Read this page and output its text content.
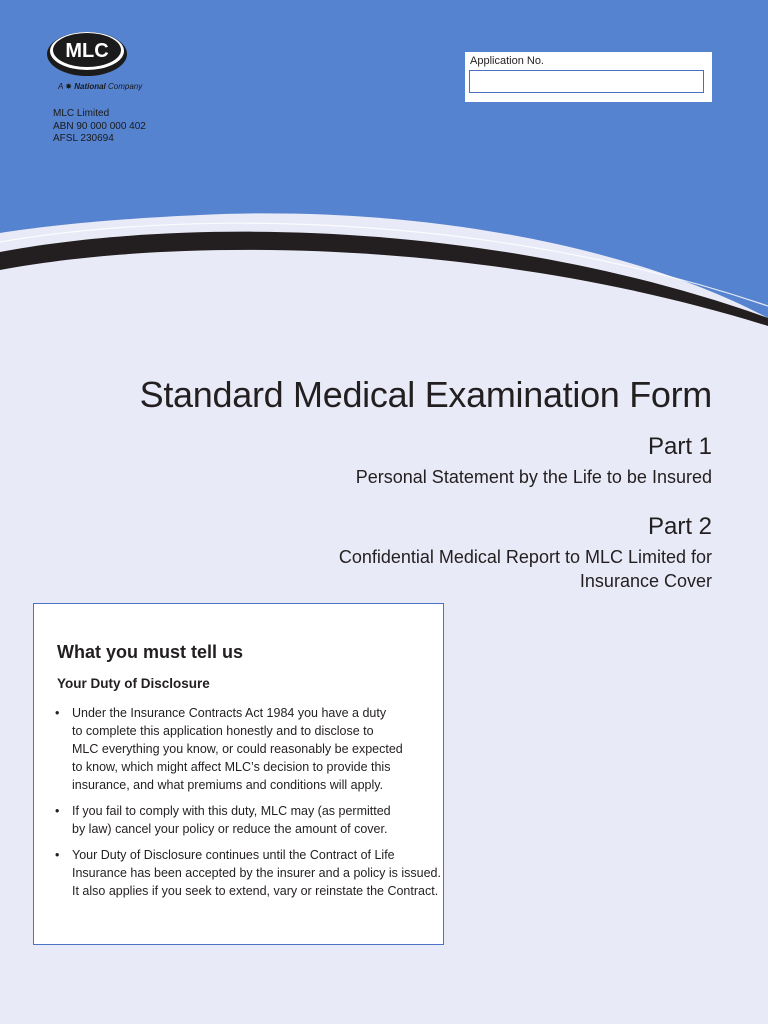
MLC
A ✸ National Company
MLC Limited
ABN 90 000 000 402
AFSL 230694
Application No.
Standard Medical Examination Form
Part 1
Personal Statement by the Life to be Insured
Part 2
Confidential Medical Report to MLC Limited for
Insurance Cover
What you must tell us
Your Duty of Disclosure
• Under the Insurance Contracts Act 1984 you have a duty
to complete this application honestly and to disclose to
MLC everything you know, or could reasonably be expected
to know, which might affect MLC’s decision to provide this
insurance, and what premiums and conditions will apply.
• If you fail to comply with this duty, MLC may (as permitted
by law) cancel your policy or reduce the amount of cover.
• Your Duty of Disclosure continues until the Contract of Life
Insurance has been accepted by the insurer and a policy is issued.
It also applies if you seek to extend, vary or reinstate the Contract.
